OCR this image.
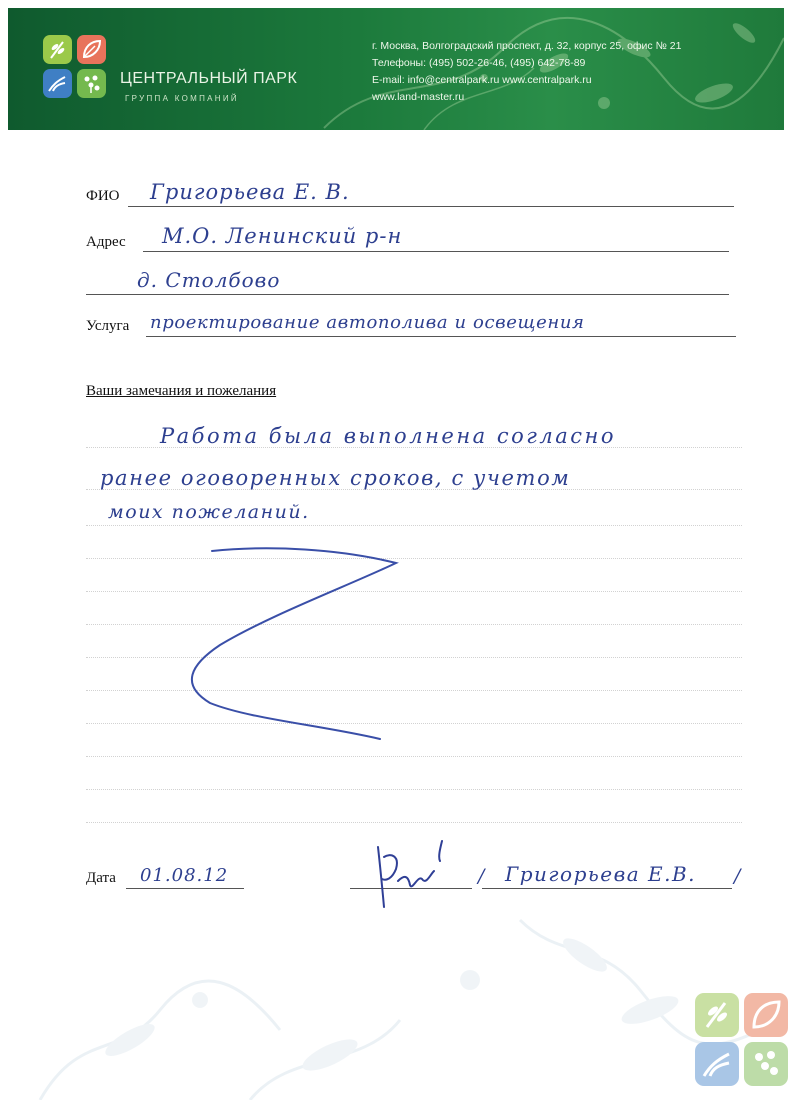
ЦЕНТРАЛЬНЫЙ ПАРК
ГРУППА КОМПАНИЙ
г. Москва, Волгоградский проспект, д. 32, корпус 25, офис № 21
Телефоны: (495) 502-26-46, (495) 642-78-89
E-mail: info@centralpark.ru www.centralpark.ru
www.land-master.ru
ФИО Григорьева Е. В.
Адрес М.О. Ленинский р-н
д. Столбово
Услуга проектирование автополива и освещения
Ваши замечания и пожелания
Работа была выполнена согласно
ранее оговоренных сроков, с учетом
моих пожеланий.
Дата 01.08.12	/ Григорьева Е.В. /
